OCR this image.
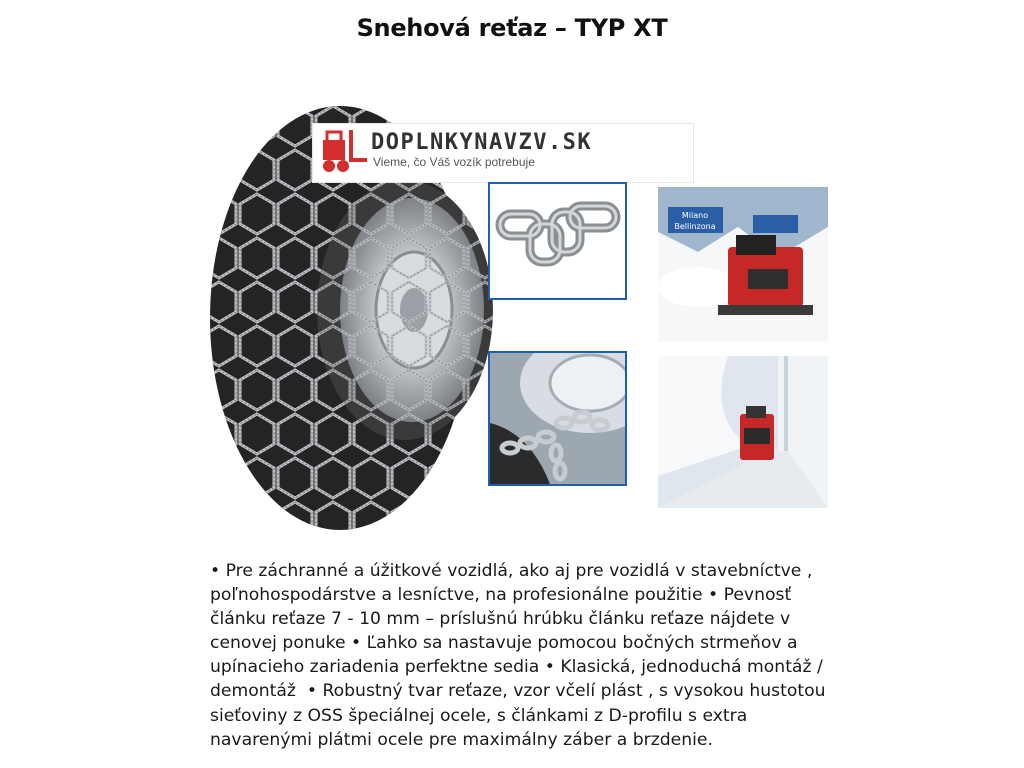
Snehová reťaz – TYP XT
DOPLNKYNAVZV.SK
Vieme, čo Váš vozík potrebuje
Milano
Bellinzona
• Pre záchranné a úžitkové vozidlá, ako aj pre vozidlá v stavebníctve ,
poľnohospodárstve a lesníctve, na profesionálne použitie • Pevnosť
článku reťaze 7 - 10 mm – príslušnú hrúbku článku reťaze nájdete v
cenovej ponuke • Ľahko sa nastavuje pomocou bočných strmeňov a
upínacieho zariadenia perfektne sedia • Klasická, jednoduchá montáž /
demontáž  • Robustný tvar reťaze, vzor včelí plást , s vysokou hustotou
sieťoviny z OSS špeciálnej ocele, s článkami z D-profilu s extra
navarenými plátmi ocele pre maximálny záber a brzdenie.
